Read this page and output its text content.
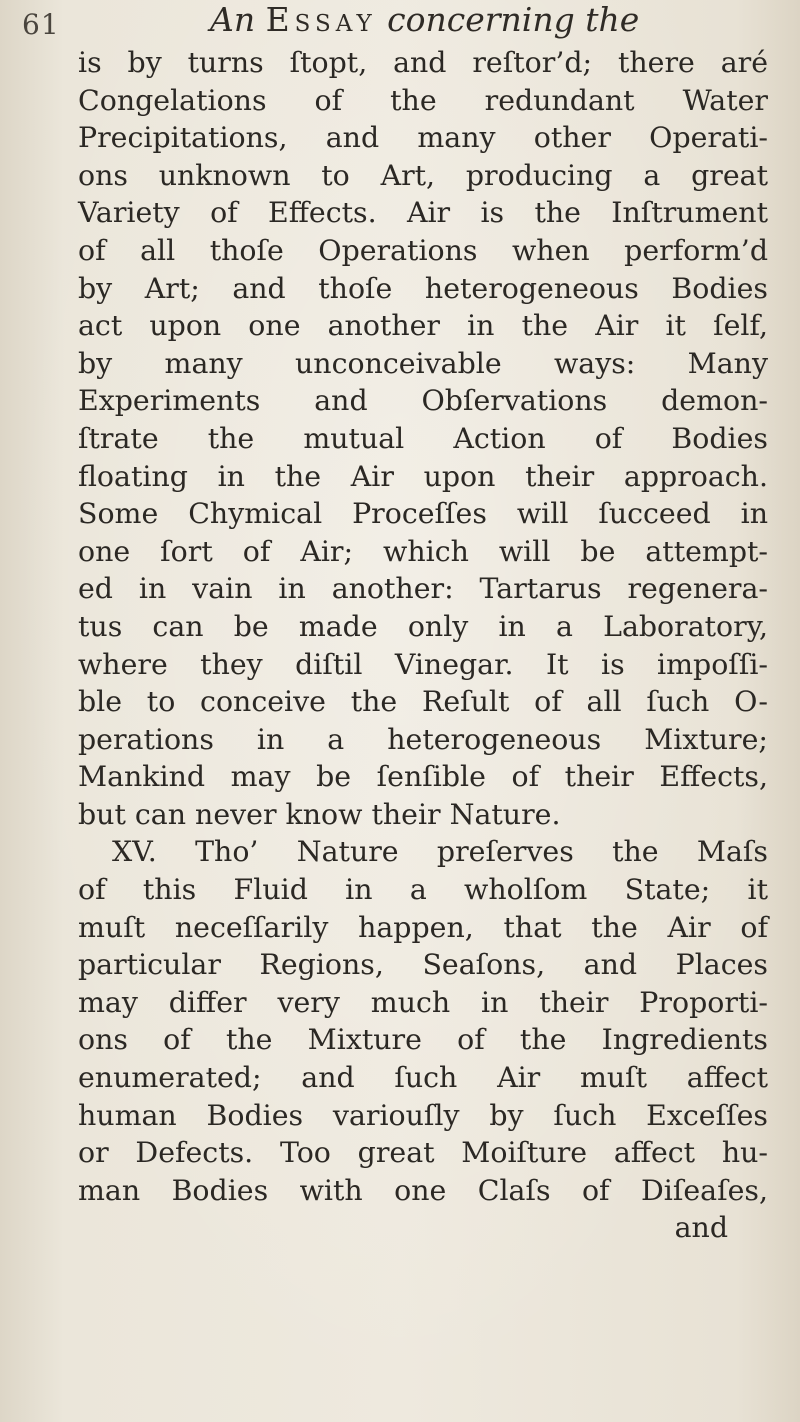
61	An Essay concerning the
is by turns ſtopt, and reſtor’d; there aré
Congelations of the redundant Water
Precipitations, and many other Operati-
ons unknown to Art, producing a great
Variety of Effects. Air is the Inſtrument
of all thoſe Operations when perform’d
by Art; and thoſe heterogeneous Bodies
act upon one another in the Air it ſelf,
by many unconceivable ways: Many
Experiments and Obſervations demon-
ſtrate the mutual Action of Bodies
floating in the Air upon their approach.
Some Chymical Proceſſes will ſucceed in
one ſort of Air; which will be attempt-
ed in vain in another: Tartarus regenera-
tus can be made only in a Laboratory,
where they diſtil Vinegar. It is impoſſi-
ble to conceive the Reſult of all ſuch O-
perations in a heterogeneous Mixture;
Mankind may be ſenſible of their Effects,
but can never know their Nature.
XV. Tho’ Nature preſerves the Maſs
of this Fluid in a wholſom State; it
muſt neceſſarily happen, that the Air of
particular Regions, Seaſons, and Places
may differ very much in their Proporti-
ons of the Mixture of the Ingredients
enumerated; and ſuch Air muſt affect
human Bodies variouſly by ſuch Exceſſes
or Defects. Too great Moiſture affect hu-
man Bodies with one Claſs of Diſeaſes,
and
